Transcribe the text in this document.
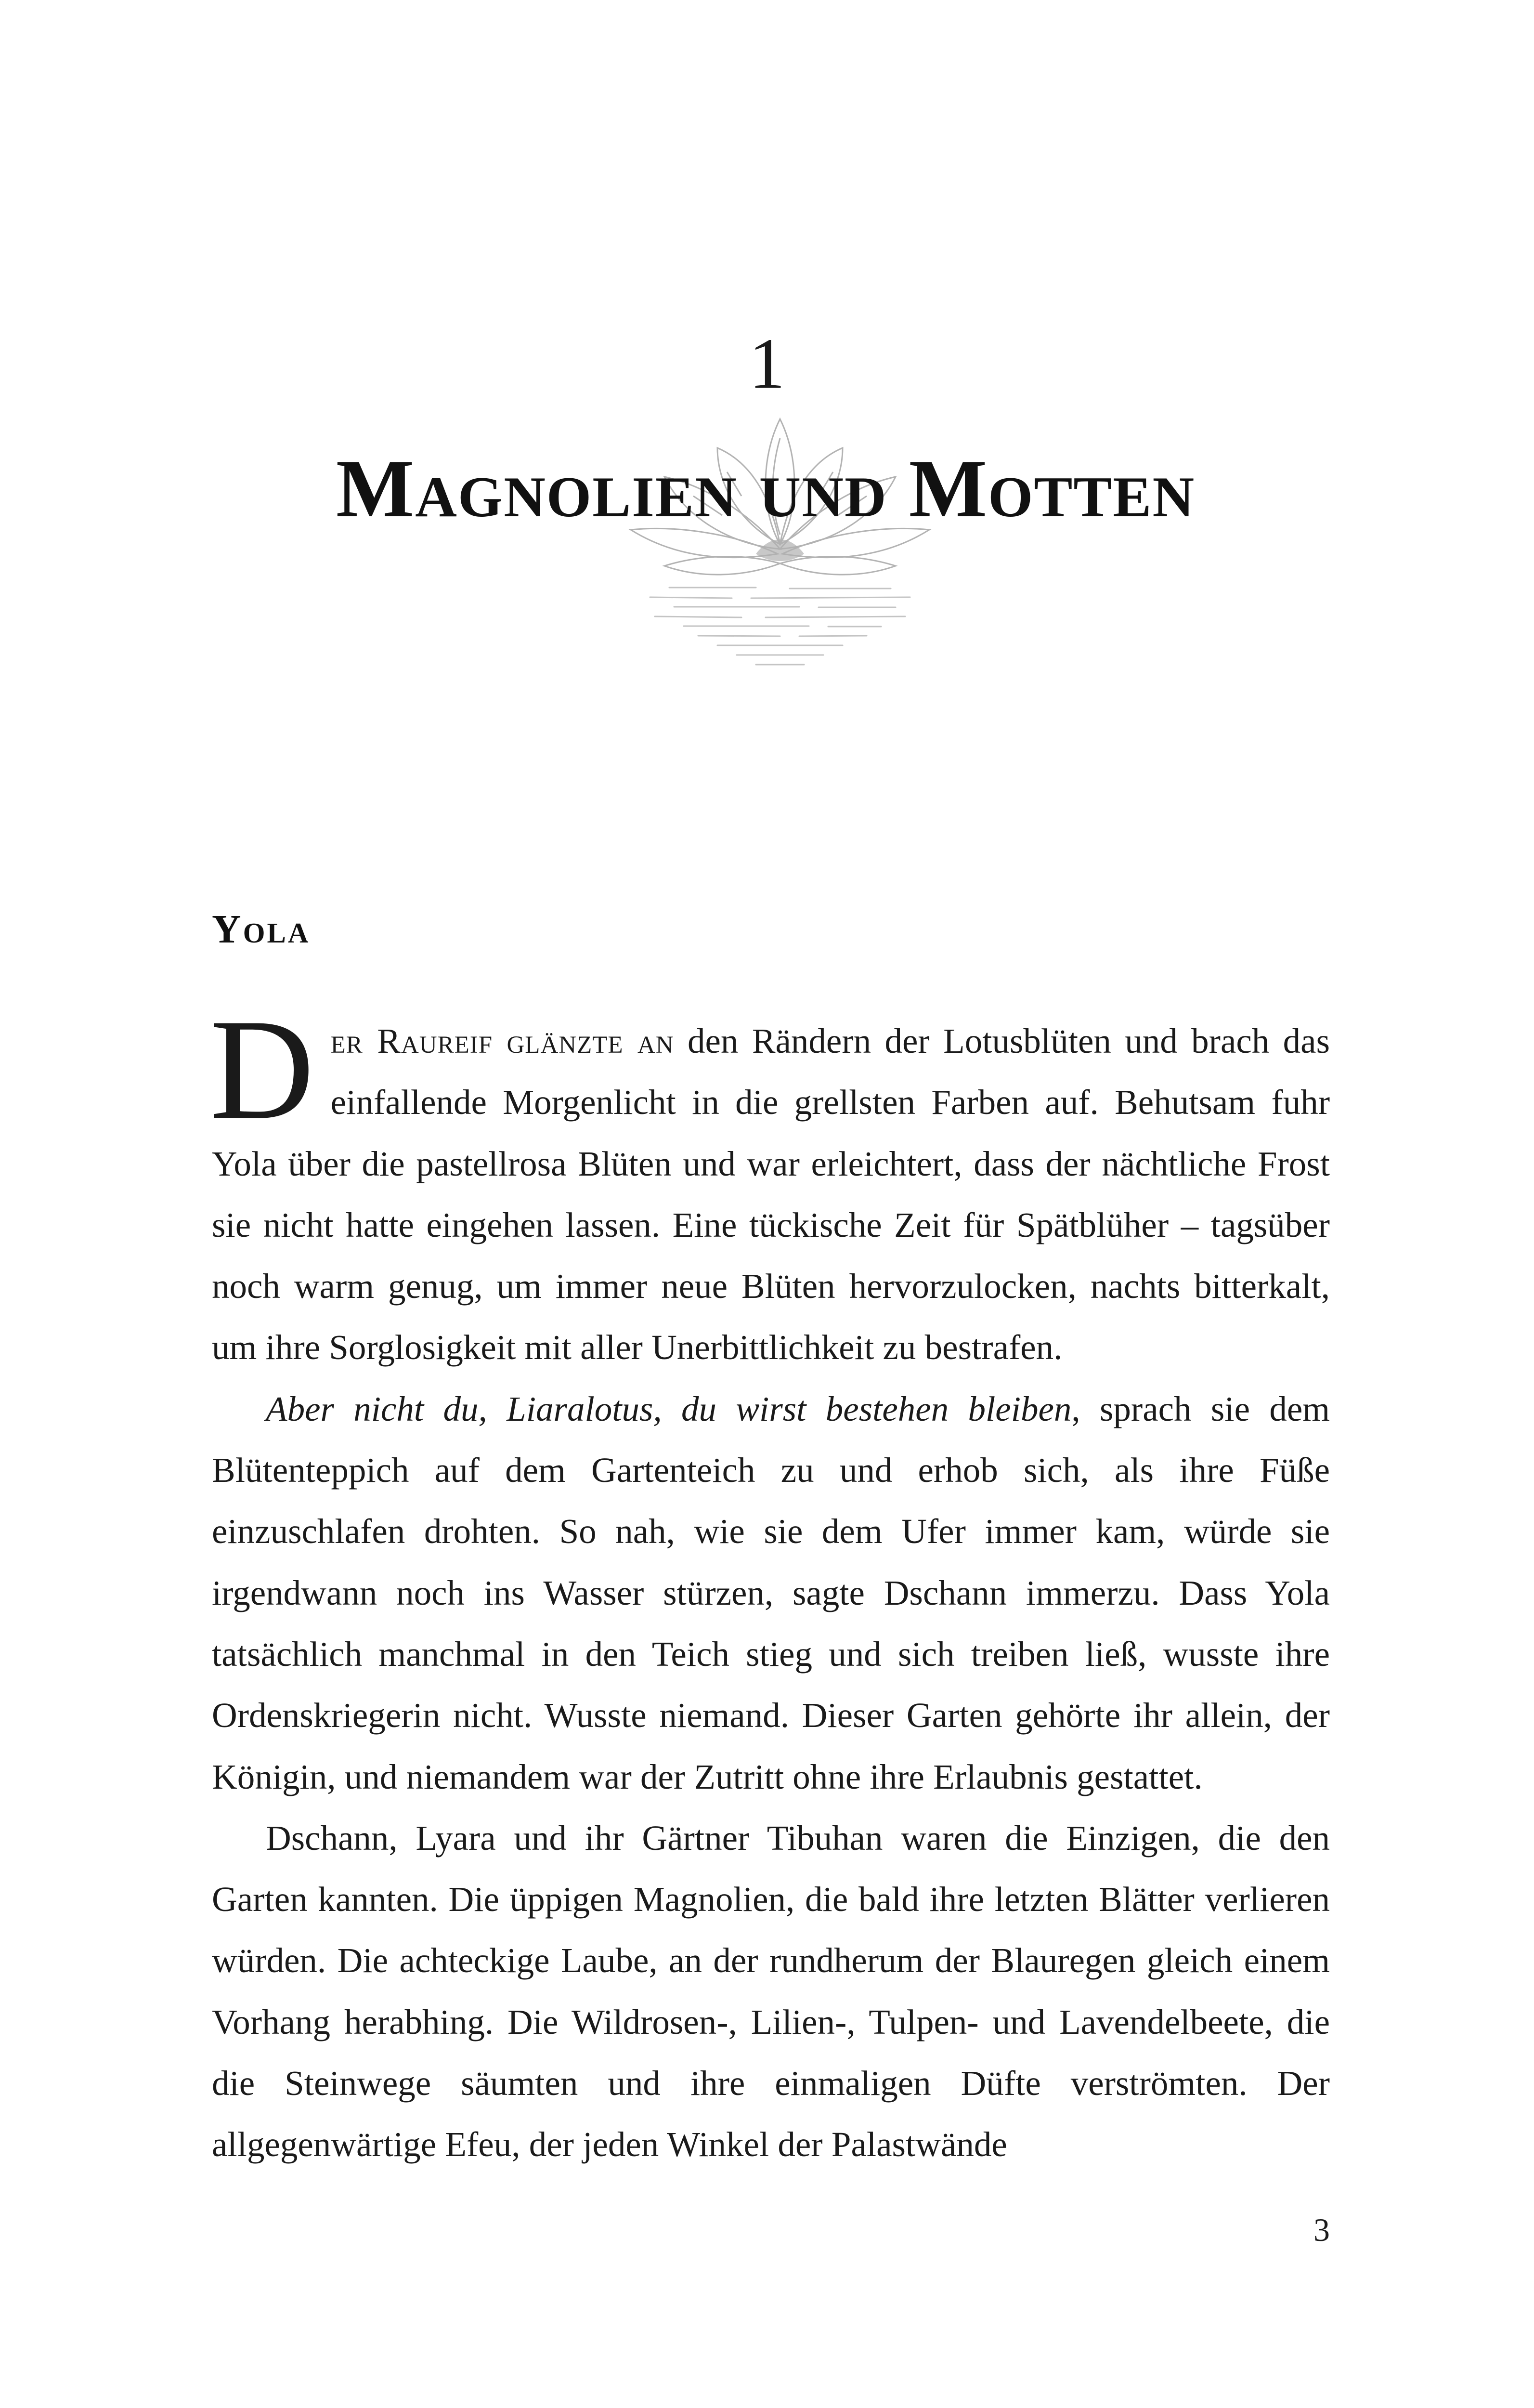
1
Magnolien und Motten
Yola

Der Raureif glänzte an den Rändern der Lotusblüten und brach das einfallende Morgenlicht in die grellsten Farben auf. Behutsam fuhr Yola über die pastellrosa Blüten und war erleichtert, dass der nächtliche Frost sie nicht hatte eingehen lassen. Eine tückische Zeit für Spätblüher – tagsüber noch warm genug, um immer neue Blüten hervorzulocken, nachts bitterkalt, um ihre Sorglosigkeit mit aller Unerbittlichkeit zu bestrafen.

Aber nicht du, Liaralotus, du wirst bestehen bleiben, sprach sie dem Blütenteppich auf dem Gartenteich zu und erhob sich, als ihre Füße einzuschlafen drohten. So nah, wie sie dem Ufer immer kam, würde sie irgendwann noch ins Wasser stürzen, sagte Dschann immerzu. Dass Yola tatsächlich manchmal in den Teich stieg und sich treiben ließ, wusste ihre Ordenskriegerin nicht. Wusste niemand. Dieser Garten gehörte ihr allein, der Königin, und niemandem war der Zutritt ohne ihre Erlaubnis gestattet.

Dschann, Lyara und ihr Gärtner Tibuhan waren die Einzigen, die den Garten kannten. Die üppigen Magnolien, die bald ihre letzten Blätter verlieren würden. Die achteckige Laube, an der rundherum der Blauregen gleich einem Vorhang herabhing. Die Wildrosen-, Lilien-, Tulpen- und Lavendelbeete, die die Steinwege säumten und ihre einmaligen Düfte verströmten. Der allgegenwärtige Efeu, der jeden Winkel der Palastwände

3
